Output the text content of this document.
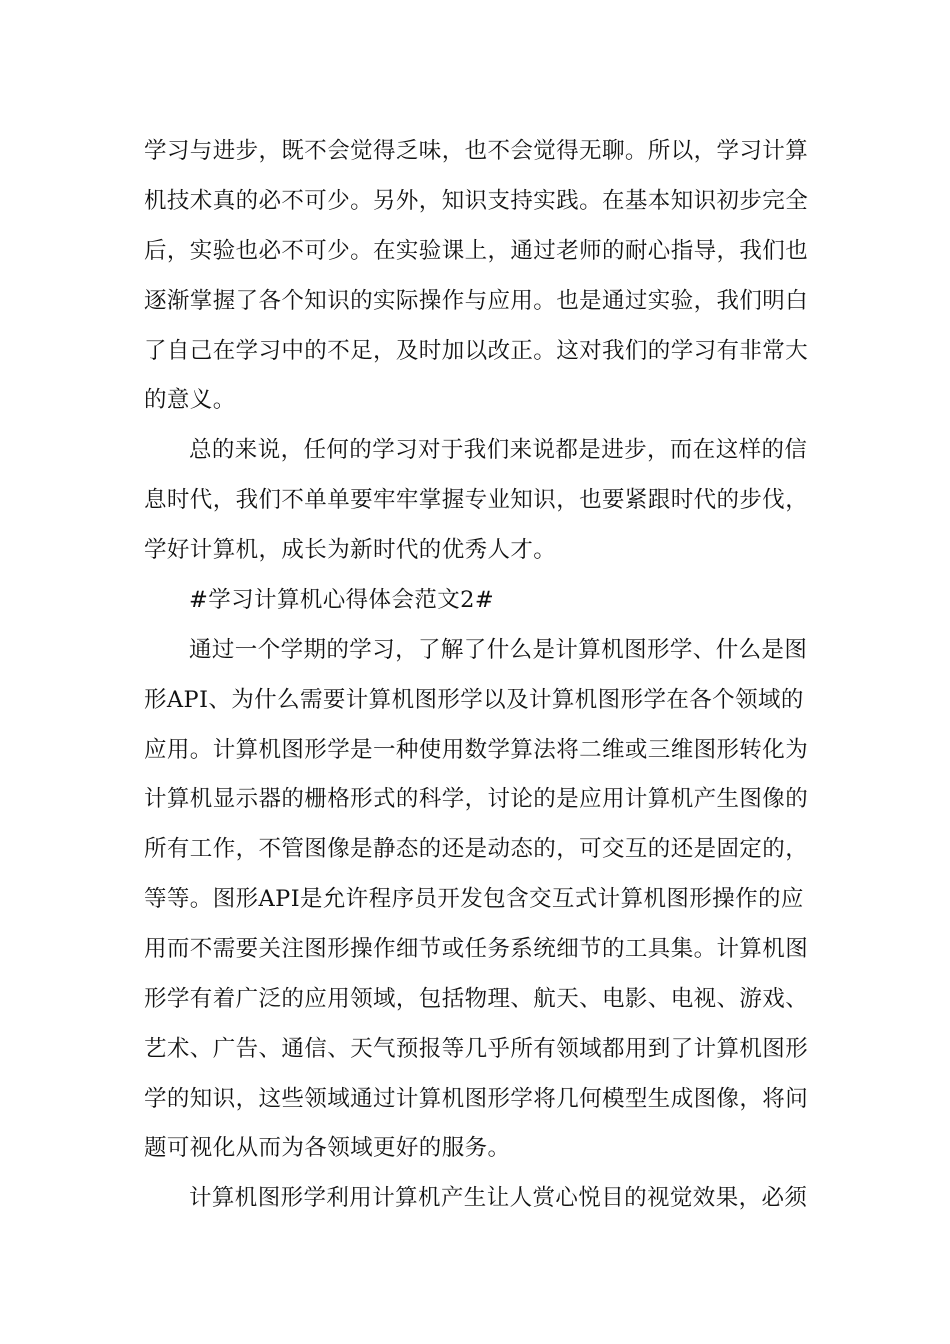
学习与进步，既不会觉得乏味，也不会觉得无聊。所以，学习计算
机技术真的必不可少。另外，知识支持实践。在基本知识初步完全
后，实验也必不可少。在实验课上，通过老师的耐心指导，我们也
逐渐掌握了各个知识的实际操作与应用。也是通过实验，我们明白
了自己在学习中的不足，及时加以改正。这对我们的学习有非常大
的意义。
总的来说，任何的学习对于我们来说都是进步，而在这样的信
息时代，我们不单单要牢牢掌握专业知识，也要紧跟时代的步伐，
学好计算机，成长为新时代的优秀人才。
#学习计算机心得体会范文2#
通过一个学期的学习，了解了什么是计算机图形学、什么是图
形API、为什么需要计算机图形学以及计算机图形学在各个领域的
应用。计算机图形学是一种使用数学算法将二维或三维图形转化为
计算机显示器的栅格形式的科学，讨论的是应用计算机产生图像的
所有工作，不管图像是静态的还是动态的，可交互的还是固定的，
等等。图形API是允许程序员开发包含交互式计算机图形操作的应
用而不需要关注图形操作细节或任务系统细节的工具集。计算机图
形学有着广泛的应用领域，包括物理、航天、电影、电视、游戏、
艺术、广告、通信、天气预报等几乎所有领域都用到了计算机图形
学的知识，这些领域通过计算机图形学将几何模型生成图像，将问
题可视化从而为各领域更好的服务。
计算机图形学利用计算机产生让人赏心悦目的视觉效果，必须
